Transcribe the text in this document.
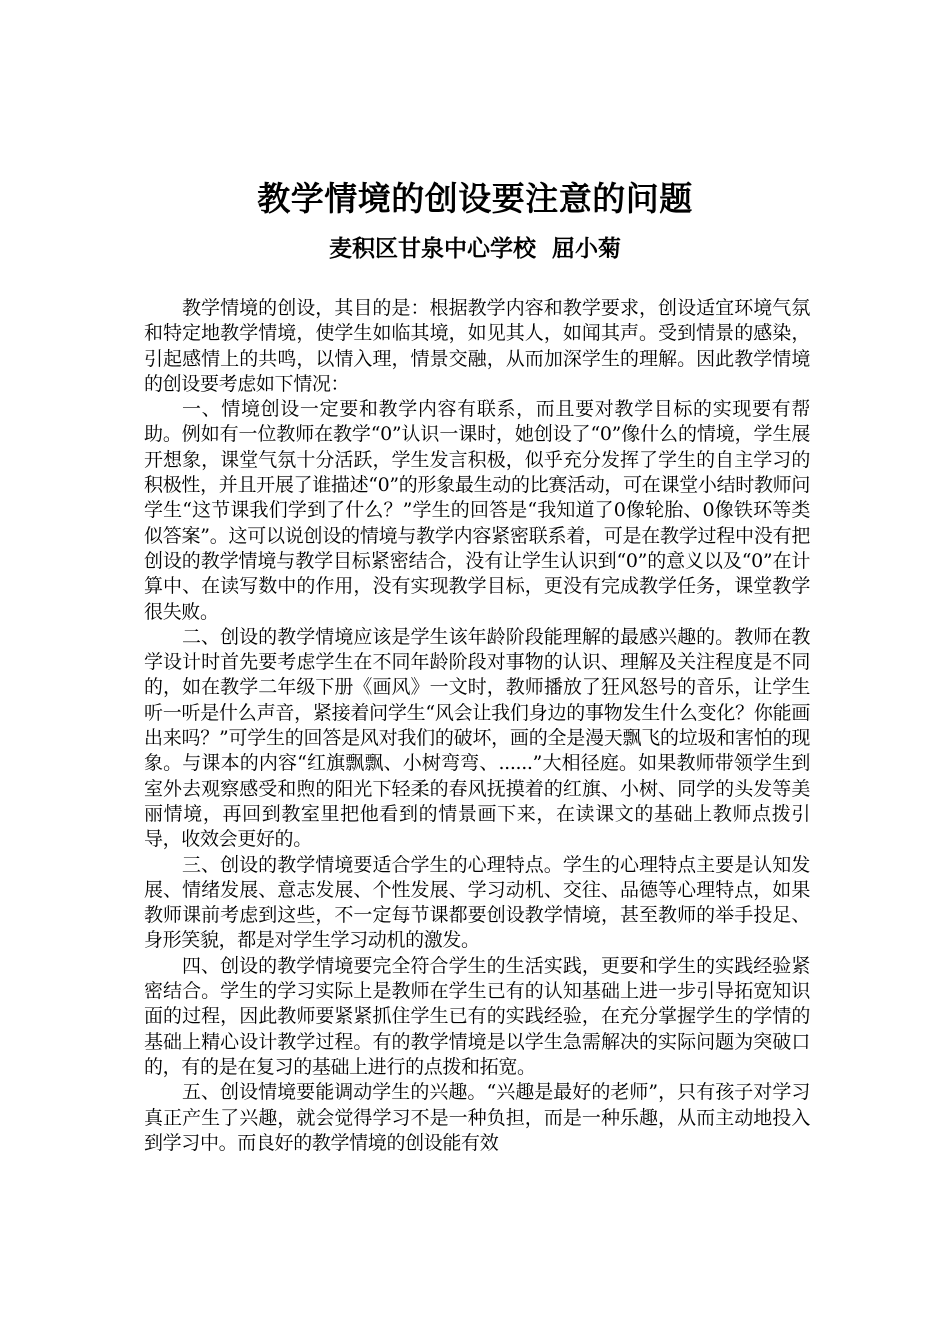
教学情境的创设要注意的问题
麦积区甘泉中心学校  屈小菊

教学情境的创设，其目的是：根据教学内容和教学要求，创设适宜环境气氛和特定地教学情境，使学生如临其境，如见其人，如闻其声。受到情景的感染，引起感情上的共鸣，以情入理，情景交融，从而加深学生的理解。因此教学情境的创设要考虑如下情况：

一、情境创设一定要和教学内容有联系，而且要对教学目标的实现要有帮助。例如有一位教师在教学“0”认识一课时，她创设了“0”像什么的情境，学生展开想象，课堂气氛十分活跃，学生发言积极，似乎充分发挥了学生的自主学习的积极性，并且开展了谁描述“0”的形象最生动的比赛活动，可在课堂小结时教师问学生“这节课我们学到了什么？”学生的回答是“我知道了0像轮胎、0像铁环等类似答案”。这可以说创设的情境与教学内容紧密联系着，可是在教学过程中没有把创设的教学情境与教学目标紧密结合，没有让学生认识到“0”的意义以及“0”在计算中、在读写数中的作用，没有实现教学目标，更没有完成教学任务，课堂教学很失败。

二、创设的教学情境应该是学生该年龄阶段能理解的最感兴趣的。教师在教学设计时首先要考虑学生在不同年龄阶段对事物的认识、理解及关注程度是不同的，如在教学二年级下册《画风》一文时，教师播放了狂风怒号的音乐，让学生听一听是什么声音，紧接着问学生“风会让我们身边的事物发生什么变化？你能画出来吗？”可学生的回答是风对我们的破坏，画的全是漫天飘飞的垃圾和害怕的现象。与课本的内容“红旗飘飘、小树弯弯、......”大相径庭。如果教师带领学生到室外去观察感受和煦的阳光下轻柔的春风抚摸着的红旗、小树、同学的头发等美丽情境，再回到教室里把他看到的情景画下来，在读课文的基础上教师点拨引导，收效会更好的。

三、创设的教学情境要适合学生的心理特点。学生的心理特点主要是认知发展、情绪发展、意志发展、个性发展、学习动机、交往、品德等心理特点，如果教师课前考虑到这些，不一定每节课都要创设教学情境，甚至教师的举手投足、身形笑貌，都是对学生学习动机的激发。

四、创设的教学情境要完全符合学生的生活实践，更要和学生的实践经验紧密结合。学生的学习实际上是教师在学生已有的认知基础上进一步引导拓宽知识面的过程，因此教师要紧紧抓住学生已有的实践经验，在充分掌握学生的学情的基础上精心设计教学过程。有的教学情境是以学生急需解决的实际问题为突破口的，有的是在复习的基础上进行的点拨和拓宽。

五、创设情境要能调动学生的兴趣。“兴趣是最好的老师”，只有孩子对学习真正产生了兴趣，就会觉得学习不是一种负担，而是一种乐趣，从而主动地投入到学习中。而良好的教学情境的创设能有效
